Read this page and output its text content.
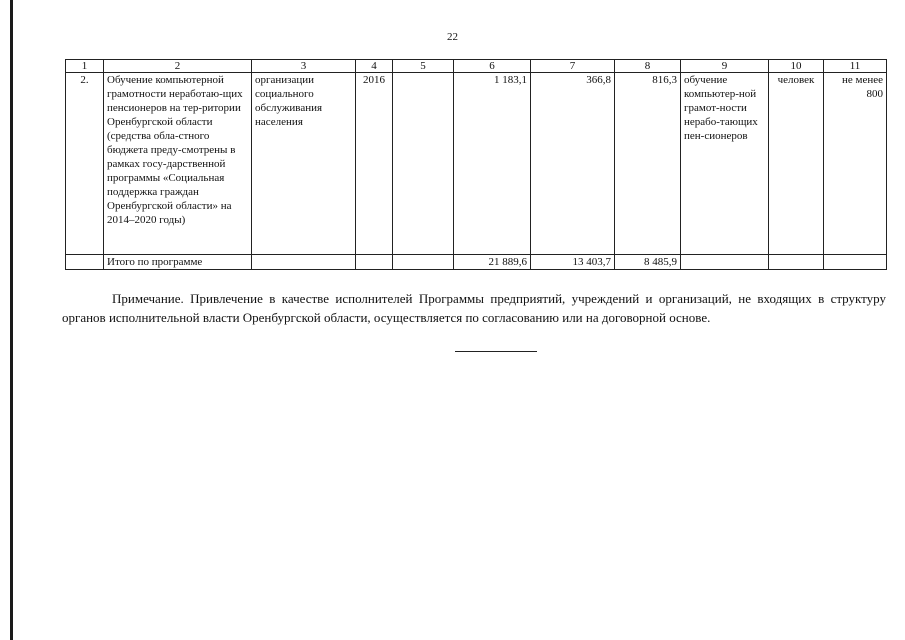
22
1	2	3	4	5	6	7	8	9	10	11
2.	Обучение компьютерной грамотности неработаю-щих пенсионеров на тер-ритории Оренбургской области (средства обла-стного бюджета преду-смотрены в рамках госу-дарственной программы «Социальная поддержка граждан Оренбургской области» на 2014–2020 годы)	организации социального обслуживания населения	2016		1 183,1	366,8	816,3	обучение компьютер-ной грамот-ности нерабо-тающих пен-сионеров	человек	не менее 800
	Итого по программе				21 889,6	13 403,7	8 485,9			

Примечание. Привлечение в качестве исполнителей Программы предприятий, учреждений и организаций, не входящих в структуру органов исполнительной власти Оренбургской области, осуществляется по согласованию или на договорной основе.
